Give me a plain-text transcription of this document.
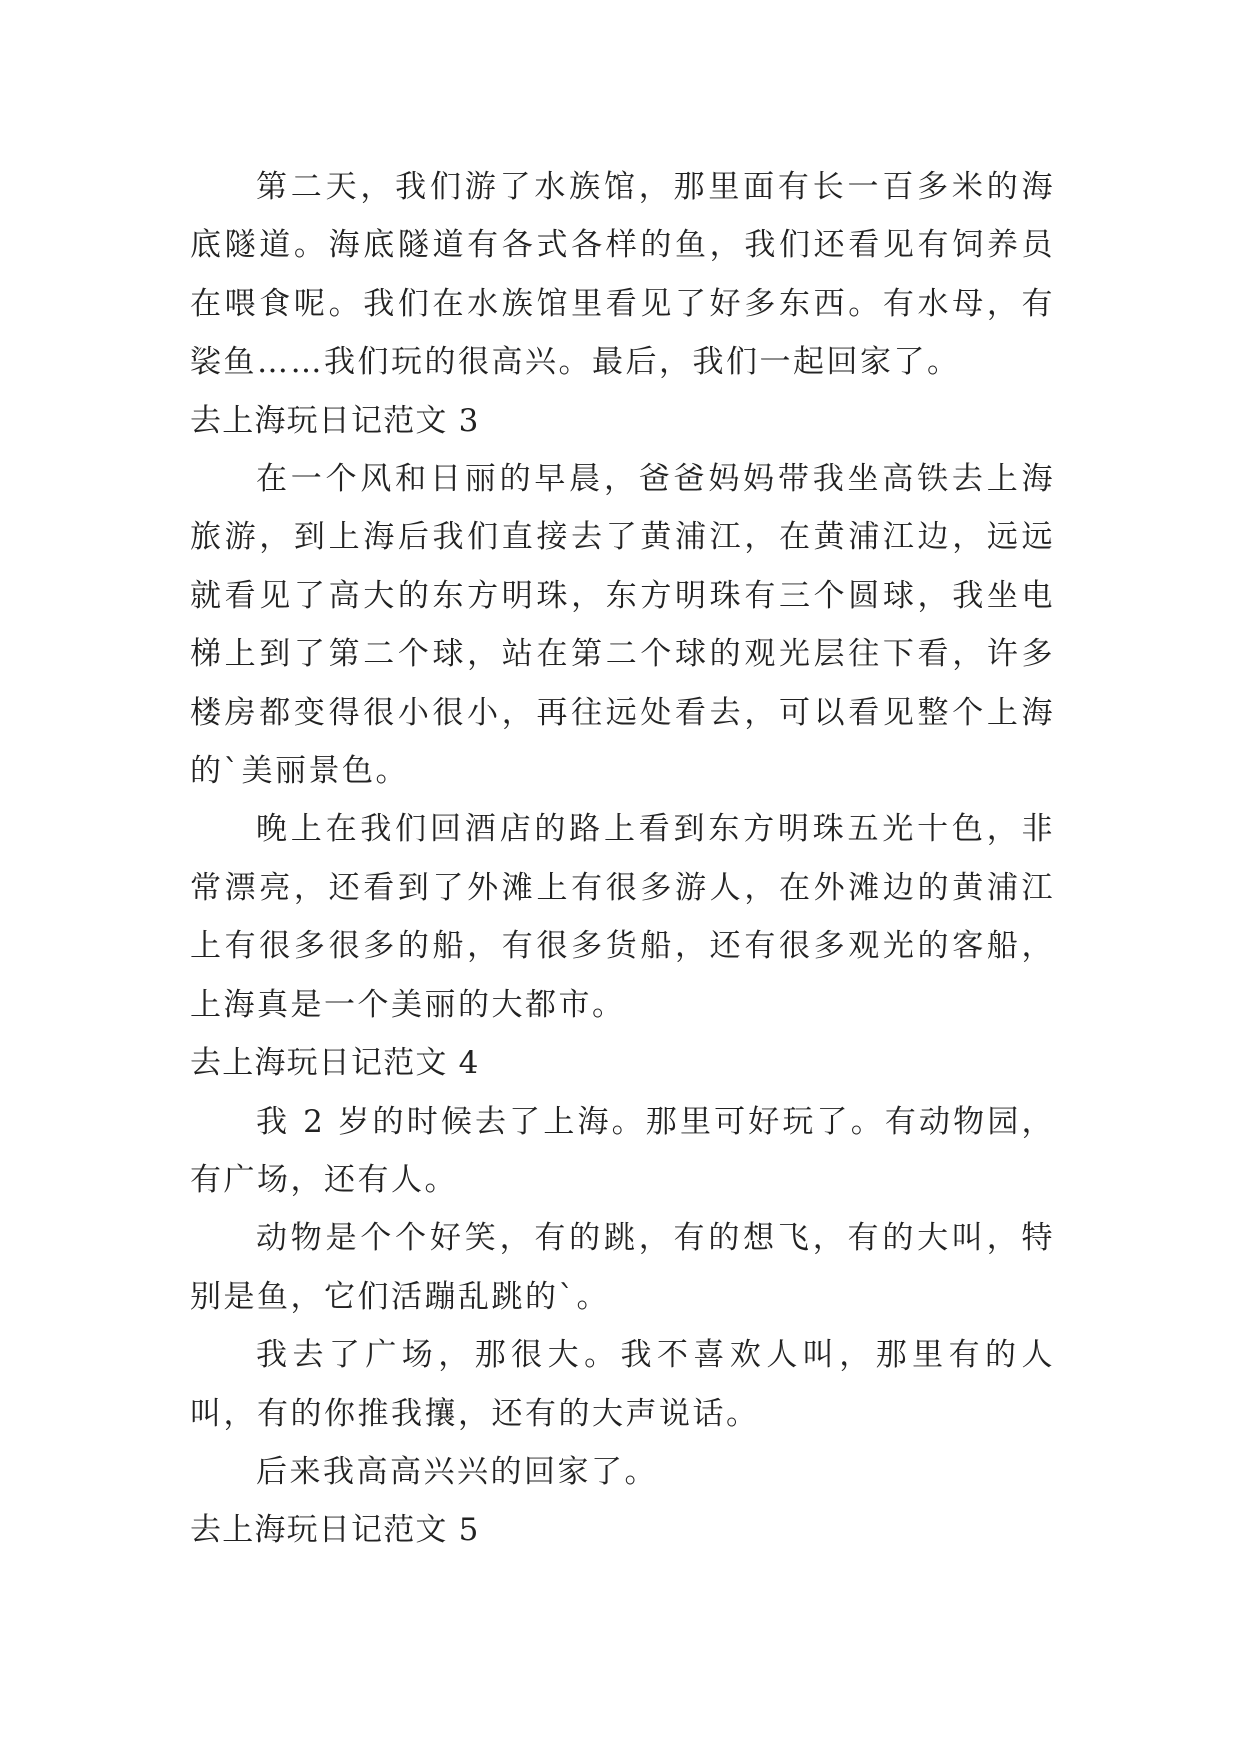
第二天，我们游了水族馆，那里面有长一百多米的海底隧道。海底隧道有各式各样的鱼，我们还看见有饲养员在喂食呢。我们在水族馆里看见了好多东西。有水母，有裟鱼……我们玩的很高兴。最后，我们一起回家了。

去上海玩日记范文 3

在一个风和日丽的早晨，爸爸妈妈带我坐高铁去上海旅游，到上海后我们直接去了黄浦江，在黄浦江边，远远就看见了高大的东方明珠，东方明珠有三个圆球，我坐电梯上到了第二个球，站在第二个球的观光层往下看，许多楼房都变得很小很小，再往远处看去，可以看见整个上海的`美丽景色。

晚上在我们回酒店的路上看到东方明珠五光十色，非常漂亮，还看到了外滩上有很多游人，在外滩边的黄浦江上有很多很多的船，有很多货船，还有很多观光的客船，上海真是一个美丽的大都市。

去上海玩日记范文 4

我 2 岁的时候去了上海。那里可好玩了。有动物园，有广场，还有人。

动物是个个好笑，有的跳，有的想飞，有的大叫，特别是鱼，它们活蹦乱跳的`。

我去了广场，那很大。我不喜欢人叫，那里有的人叫，有的你推我攘，还有的大声说话。

后来我高高兴兴的回家了。

去上海玩日记范文 5
